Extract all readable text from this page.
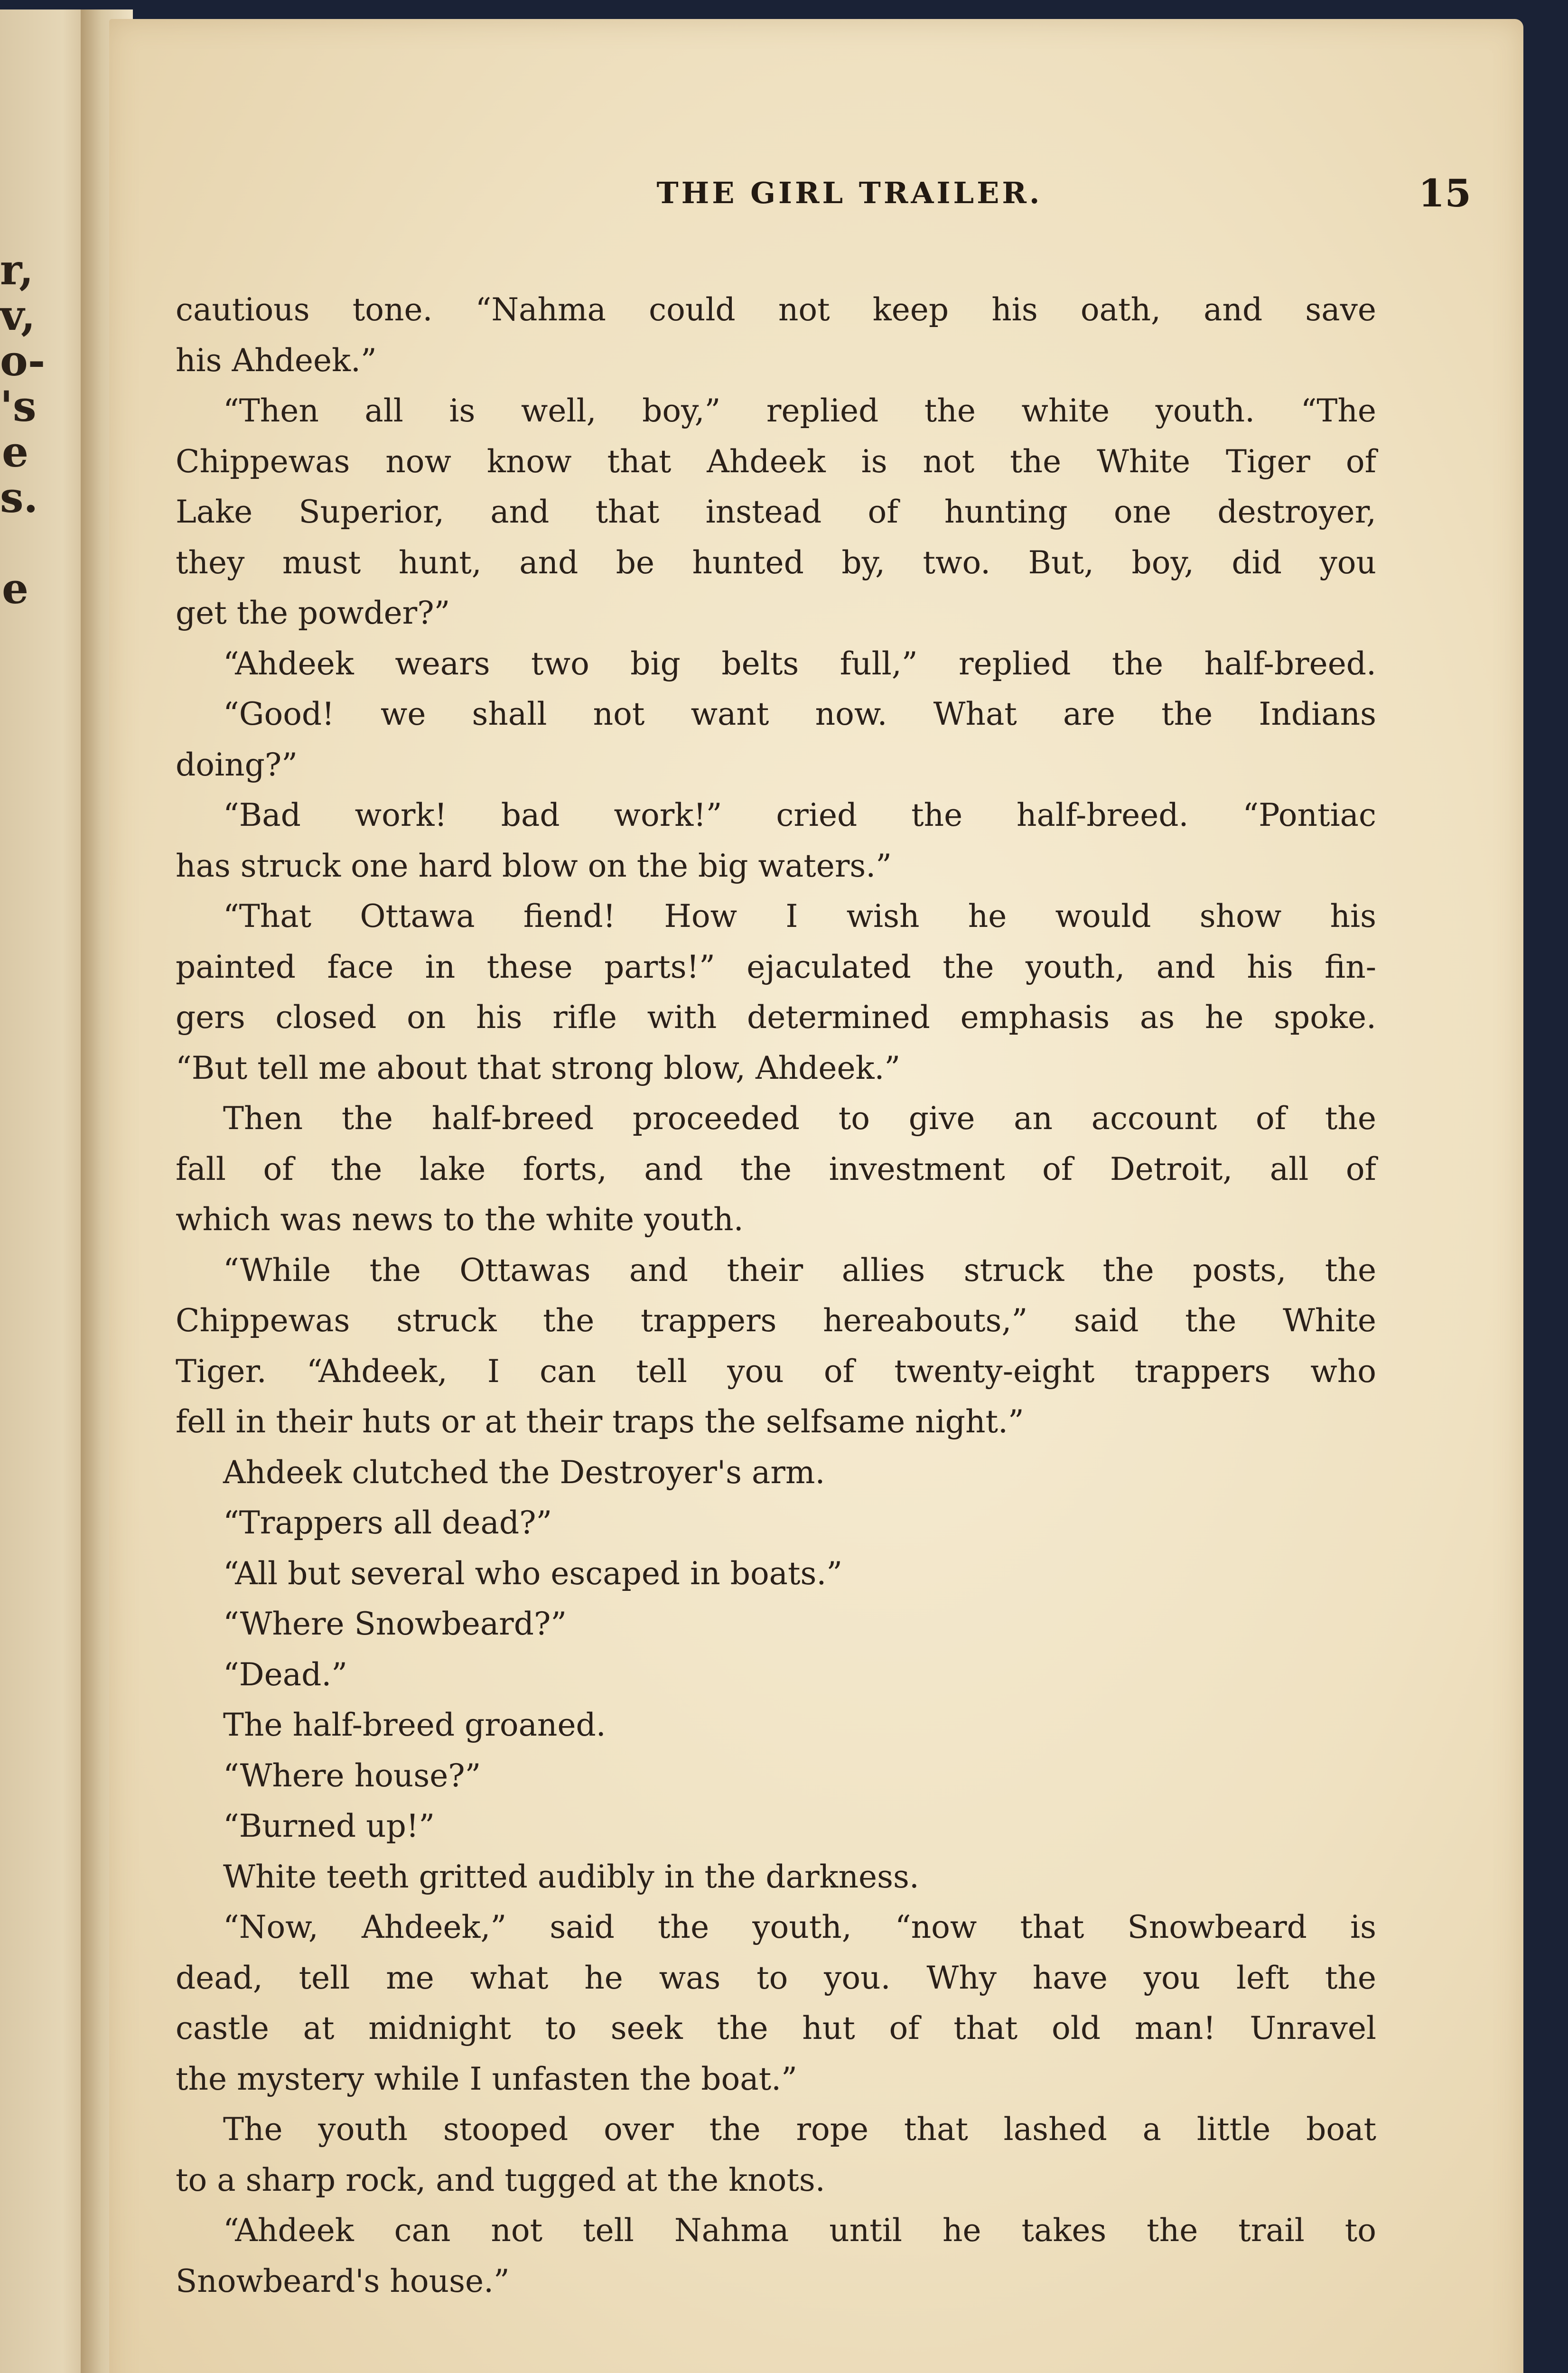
r,
v,
o-
's
e
s.
e
THE GIRL TRAILER.	15
cautious tone. “Nahma could not keep his oath, and save
his Ahdeek.”
“Then all is well, boy,” replied the white youth. “The
Chippewas now know that Ahdeek is not the White Tiger of
Lake Superior, and that instead of hunting one destroyer,
they must hunt, and be hunted by, two. But, boy, did you
get the powder?”
“Ahdeek wears two big belts full,” replied the half-breed.
“Good! we shall not want now. What are the Indians
doing?”
“Bad work! bad work!” cried the half-breed. “Pontiac
has struck one hard blow on the big waters.”
“That Ottawa fiend! How I wish he would show his
painted face in these parts!” ejaculated the youth, and his fin-
gers closed on his rifle with determined emphasis as he spoke.
“But tell me about that strong blow, Ahdeek.”
Then the half-breed proceeded to give an account of the
fall of the lake forts, and the investment of Detroit, all of
which was news to the white youth.
“While the Ottawas and their allies struck the posts, the
Chippewas struck the trappers hereabouts,” said the White
Tiger. “Ahdeek, I can tell you of twenty-eight trappers who
fell in their huts or at their traps the selfsame night.”
Ahdeek clutched the Destroyer's arm.
“Trappers all dead?”
“All but several who escaped in boats.”
“Where Snowbeard?”
“Dead.”
The half-breed groaned.
“Where house?”
“Burned up!”
White teeth gritted audibly in the darkness.
“Now, Ahdeek,” said the youth, “now that Snowbeard is
dead, tell me what he was to you. Why have you left the
castle at midnight to seek the hut of that old man! Unravel
the mystery while I unfasten the boat.”
The youth stooped over the rope that lashed a little boat
to a sharp rock, and tugged at the knots.
“Ahdeek can not tell Nahma until he takes the trail to
Snowbeard's house.”
